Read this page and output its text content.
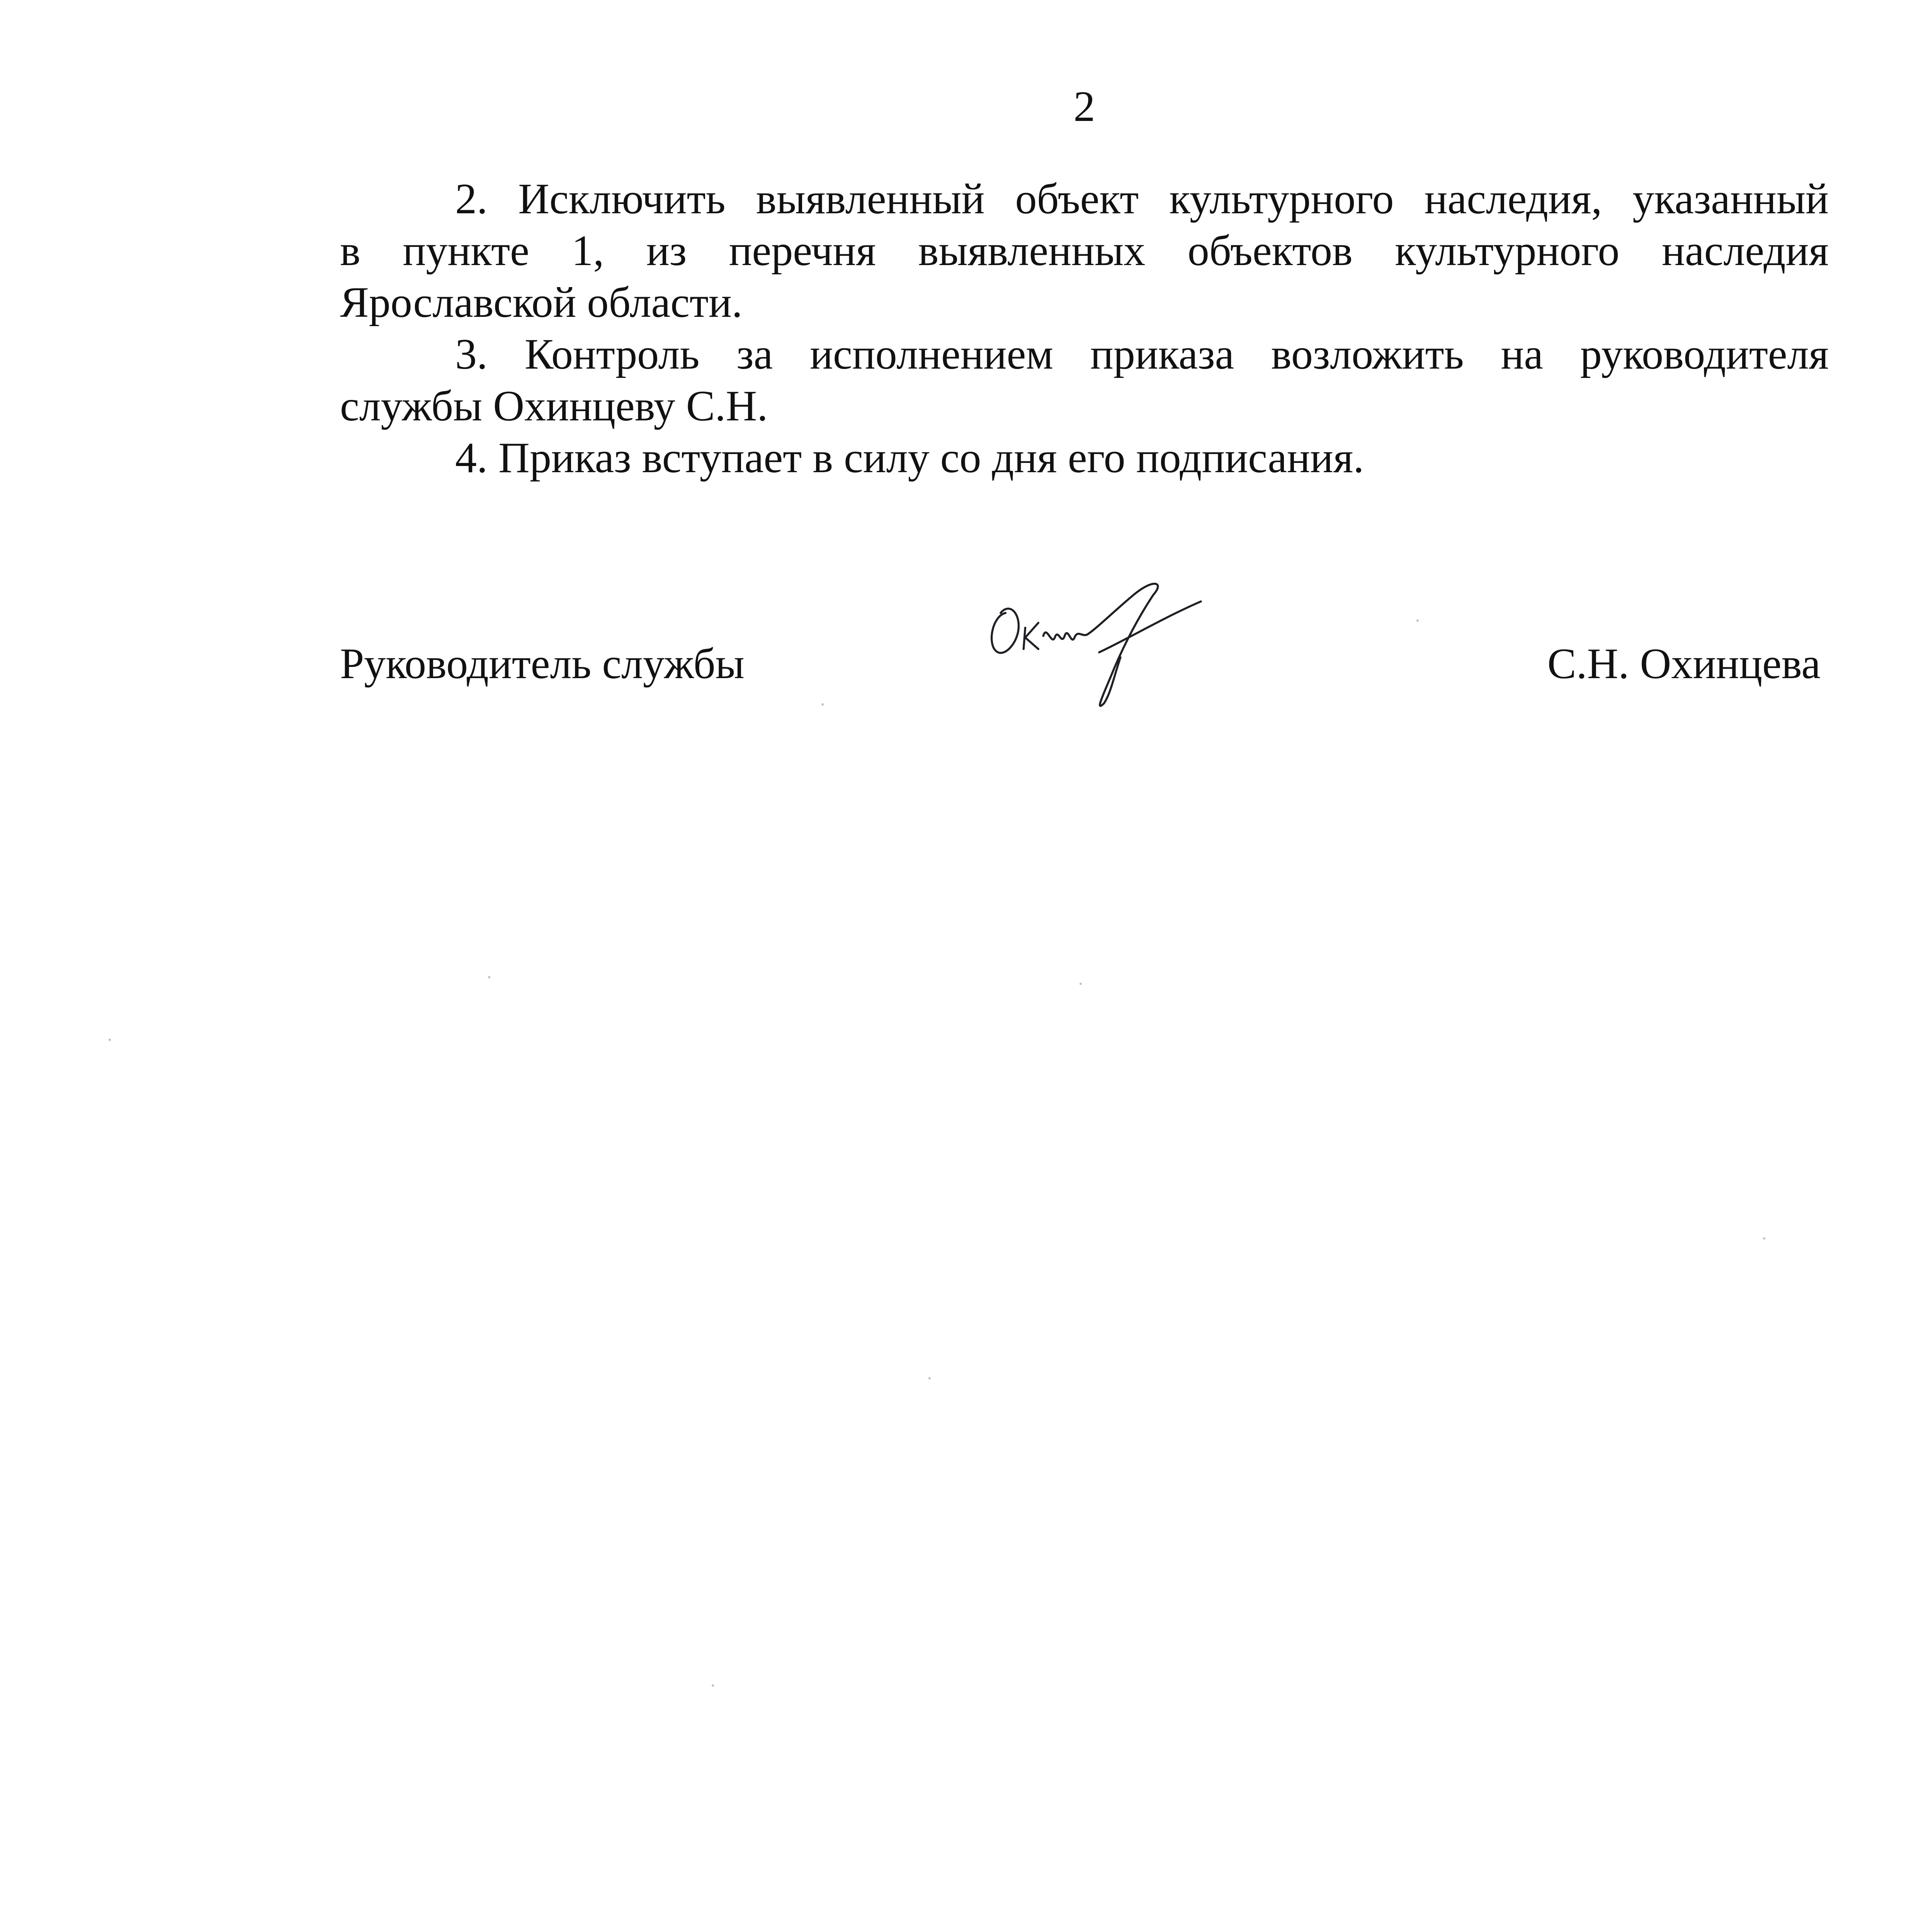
2
2. Исключить выявленный объект культурного наследия, указанный
в пункте 1, из перечня выявленных объектов культурного наследия
Ярославской области.
3. Контроль за исполнением приказа возложить на руководителя
службы Охинцеву С.Н.
4. Приказ вступает в силу со дня его подписания.
Руководитель службы	С.Н. Охинцева
